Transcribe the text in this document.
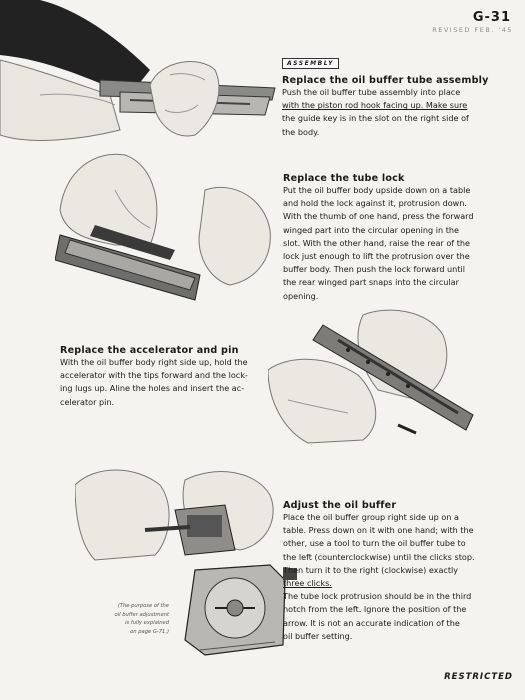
G-31
REVISED FEB. '45
ASSEMBLY
Replace the oil buffer tube assembly

Push the oil buffer tube assembly into place
with the piston rod hook facing up. Make sure
the guide key is in the slot on the right side of
the body.

Replace the tube lock

Put the oil buffer body upside down on a table
and hold the lock against it, protrusion down.
With the thumb of one hand, press the forward
winged part into the circular opening in the
slot. With the other hand, raise the rear of the
lock just enough to lift the protrusion over the
buffer body. Then push the lock forward until
the rear winged part snaps into the circular
opening.

Replace the accelerator and pin

With the oil buffer body right side up, hold the
accelerator with the tips forward and the lock-
ing lugs up. Aline the holes and insert the ac-
celerator pin.

Adjust the oil buffer

Place the oil buffer group right side up on a
table. Press down on it with one hand; with the
other, use a tool to turn the oil buffer tube to
the left (counterclockwise) until the clicks stop.
Then turn it to the right (clockwise) exactly
three clicks.
The tube lock protrusion should be in the third
notch from the left. Ignore the position of the
arrow. It is not an accurate indication of the
oil buffer setting.

(The purpose of the
oil buffer adjustment
is fully explained
on page G-71.)
RESTRICTED
